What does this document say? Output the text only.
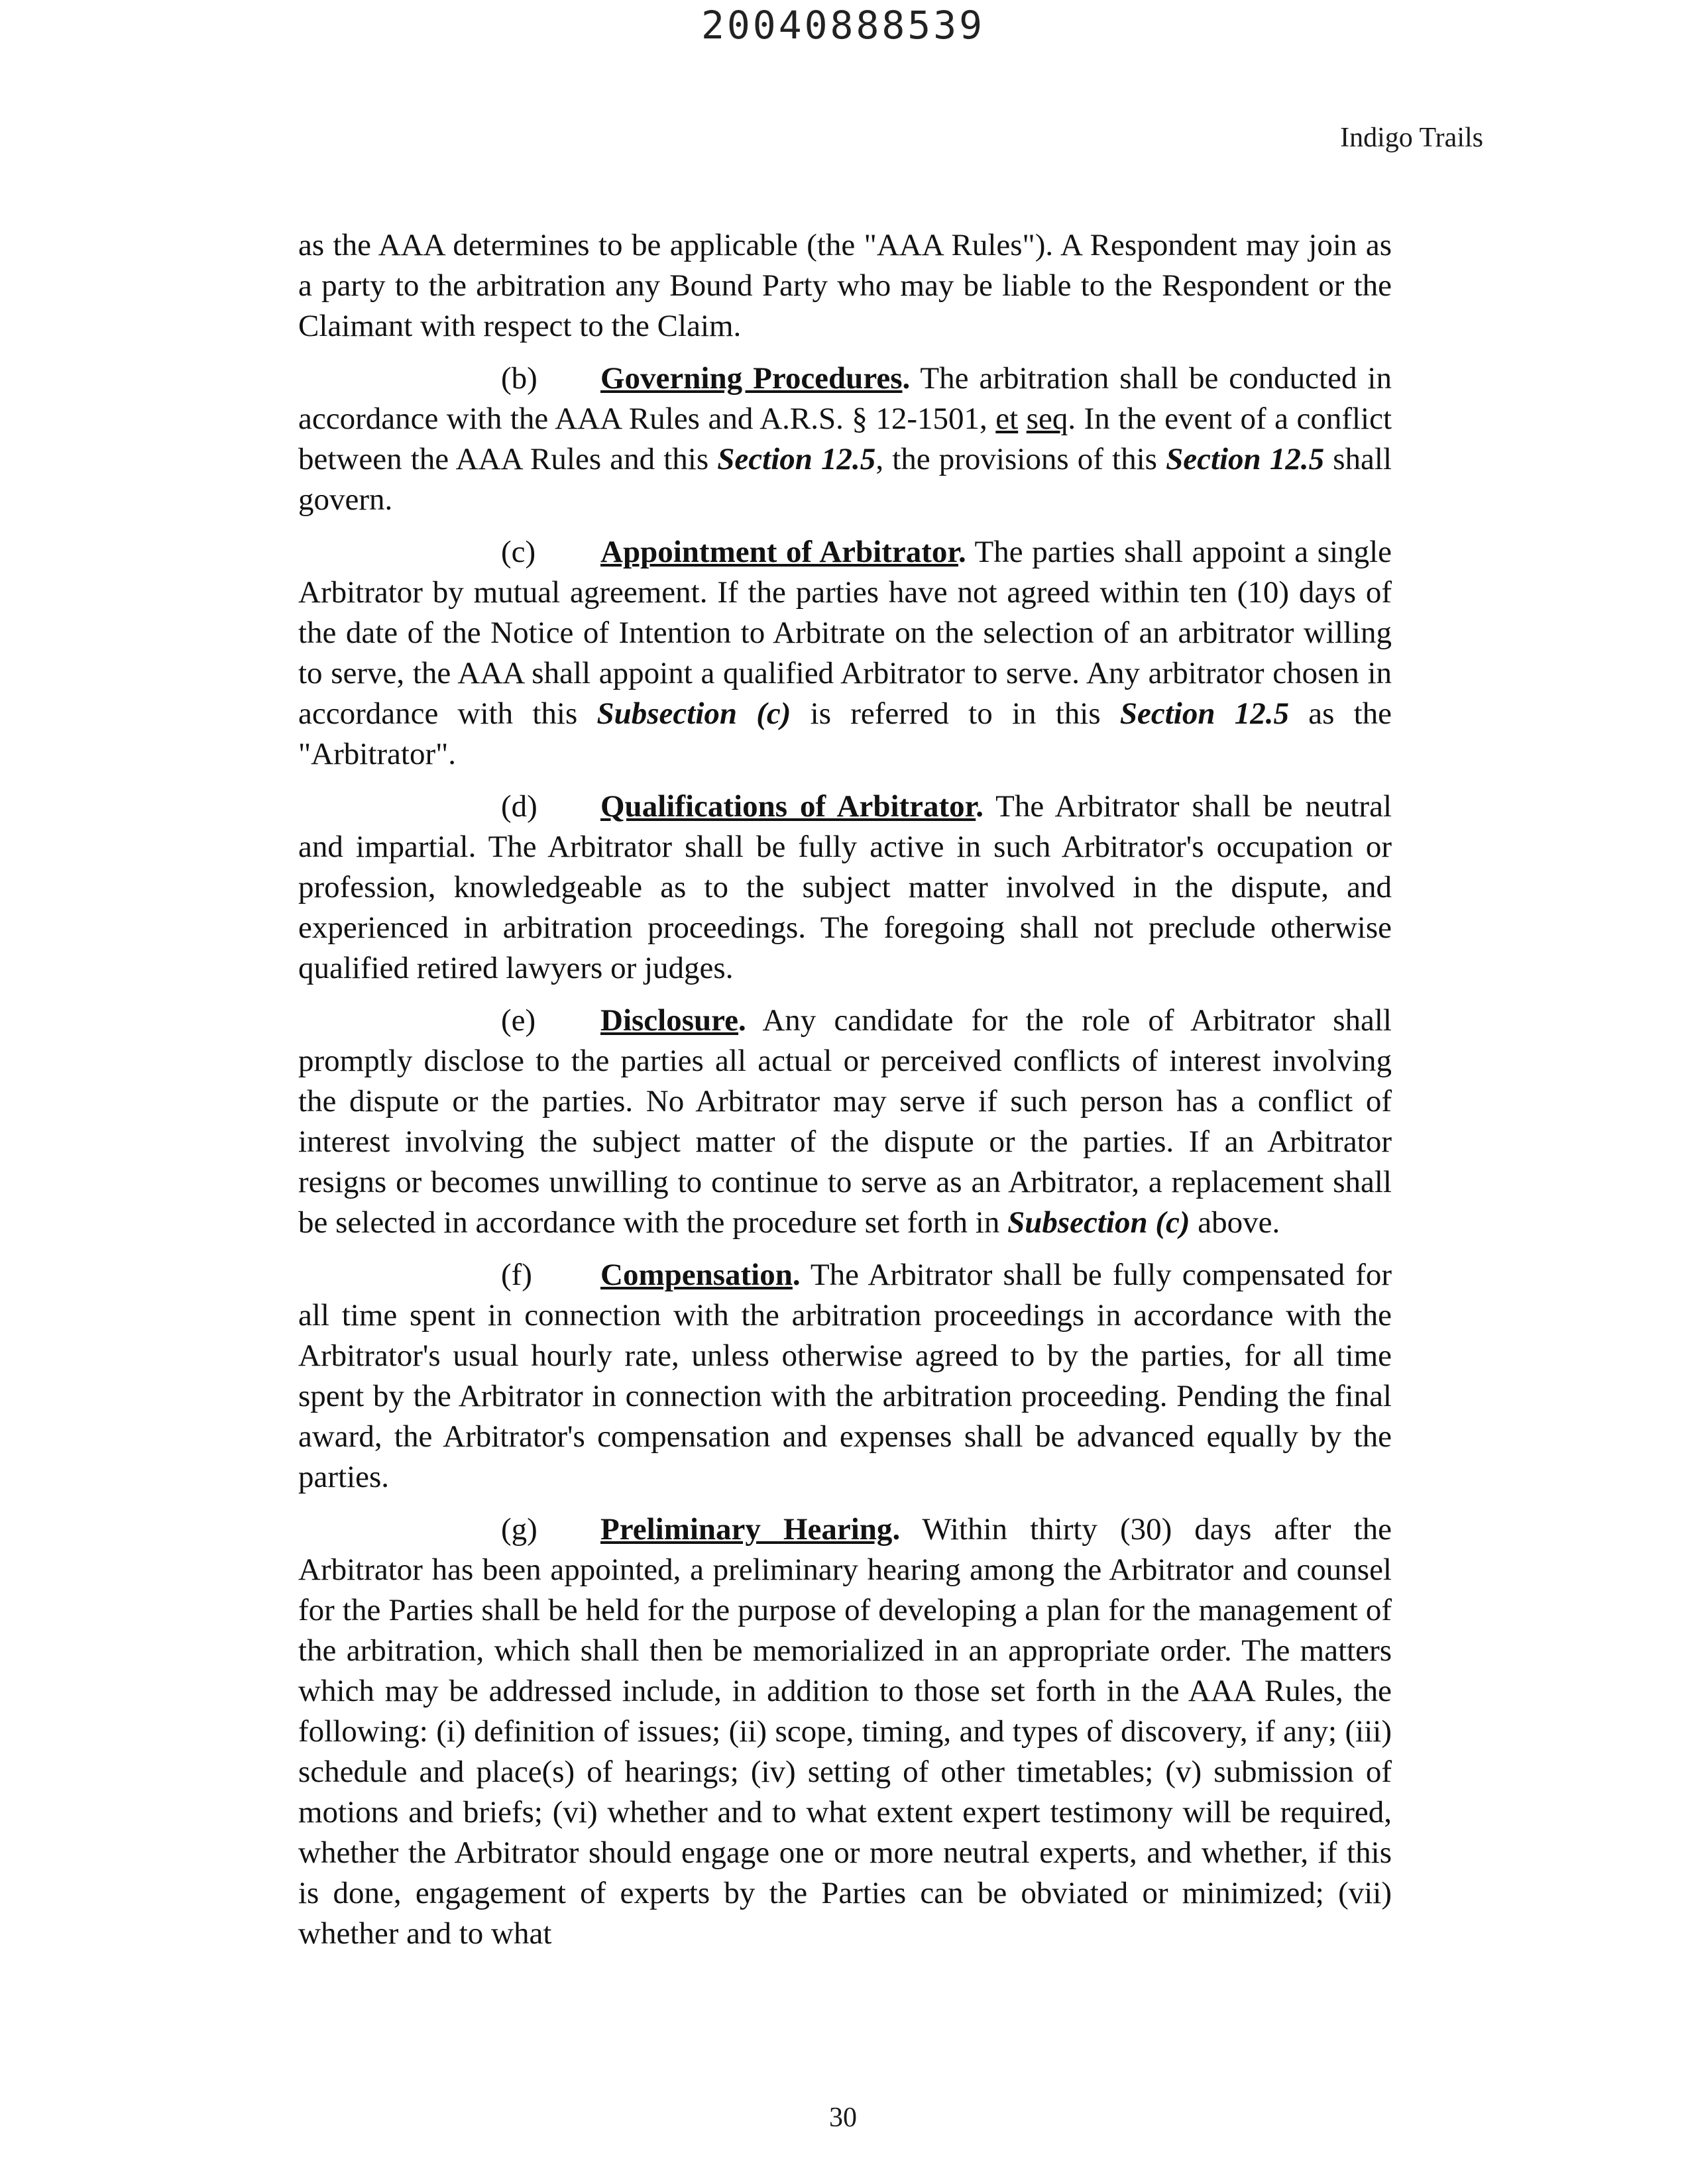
20040888539
Indigo Trails

as the AAA determines to be applicable (the "AAA Rules"). A Respondent may join as a party to the arbitration any Bound Party who may be liable to the Respondent or the Claimant with respect to the Claim.

(b) Governing Procedures. The arbitration shall be conducted in accordance with the AAA Rules and A.R.S. § 12-1501, et seq. In the event of a conflict between the AAA Rules and this Section 12.5, the provisions of this Section 12.5 shall govern.

(c) Appointment of Arbitrator. The parties shall appoint a single Arbitrator by mutual agreement. If the parties have not agreed within ten (10) days of the date of the Notice of Intention to Arbitrate on the selection of an arbitrator willing to serve, the AAA shall appoint a qualified Arbitrator to serve. Any arbitrator chosen in accordance with this Subsection (c) is referred to in this Section 12.5 as the "Arbitrator".

(d) Qualifications of Arbitrator. The Arbitrator shall be neutral and impartial. The Arbitrator shall be fully active in such Arbitrator's occupation or profession, knowledgeable as to the subject matter involved in the dispute, and experienced in arbitration proceedings. The foregoing shall not preclude otherwise qualified retired lawyers or judges.

(e) Disclosure. Any candidate for the role of Arbitrator shall promptly disclose to the parties all actual or perceived conflicts of interest involving the dispute or the parties. No Arbitrator may serve if such person has a conflict of interest involving the subject matter of the dispute or the parties. If an Arbitrator resigns or becomes unwilling to continue to serve as an Arbitrator, a replacement shall be selected in accordance with the procedure set forth in Subsection (c) above.

(f) Compensation. The Arbitrator shall be fully compensated for all time spent in connection with the arbitration proceedings in accordance with the Arbitrator's usual hourly rate, unless otherwise agreed to by the parties, for all time spent by the Arbitrator in connection with the arbitration proceeding. Pending the final award, the Arbitrator's compensation and expenses shall be advanced equally by the parties.

(g) Preliminary Hearing. Within thirty (30) days after the Arbitrator has been appointed, a preliminary hearing among the Arbitrator and counsel for the Parties shall be held for the purpose of developing a plan for the management of the arbitration, which shall then be memorialized in an appropriate order. The matters which may be addressed include, in addition to those set forth in the AAA Rules, the following: (i) definition of issues; (ii) scope, timing, and types of discovery, if any; (iii) schedule and place(s) of hearings; (iv) setting of other timetables; (v) submission of motions and briefs; (vi) whether and to what extent expert testimony will be required, whether the Arbitrator should engage one or more neutral experts, and whether, if this is done, engagement of experts by the Parties can be obviated or minimized; (vii) whether and to what

30
